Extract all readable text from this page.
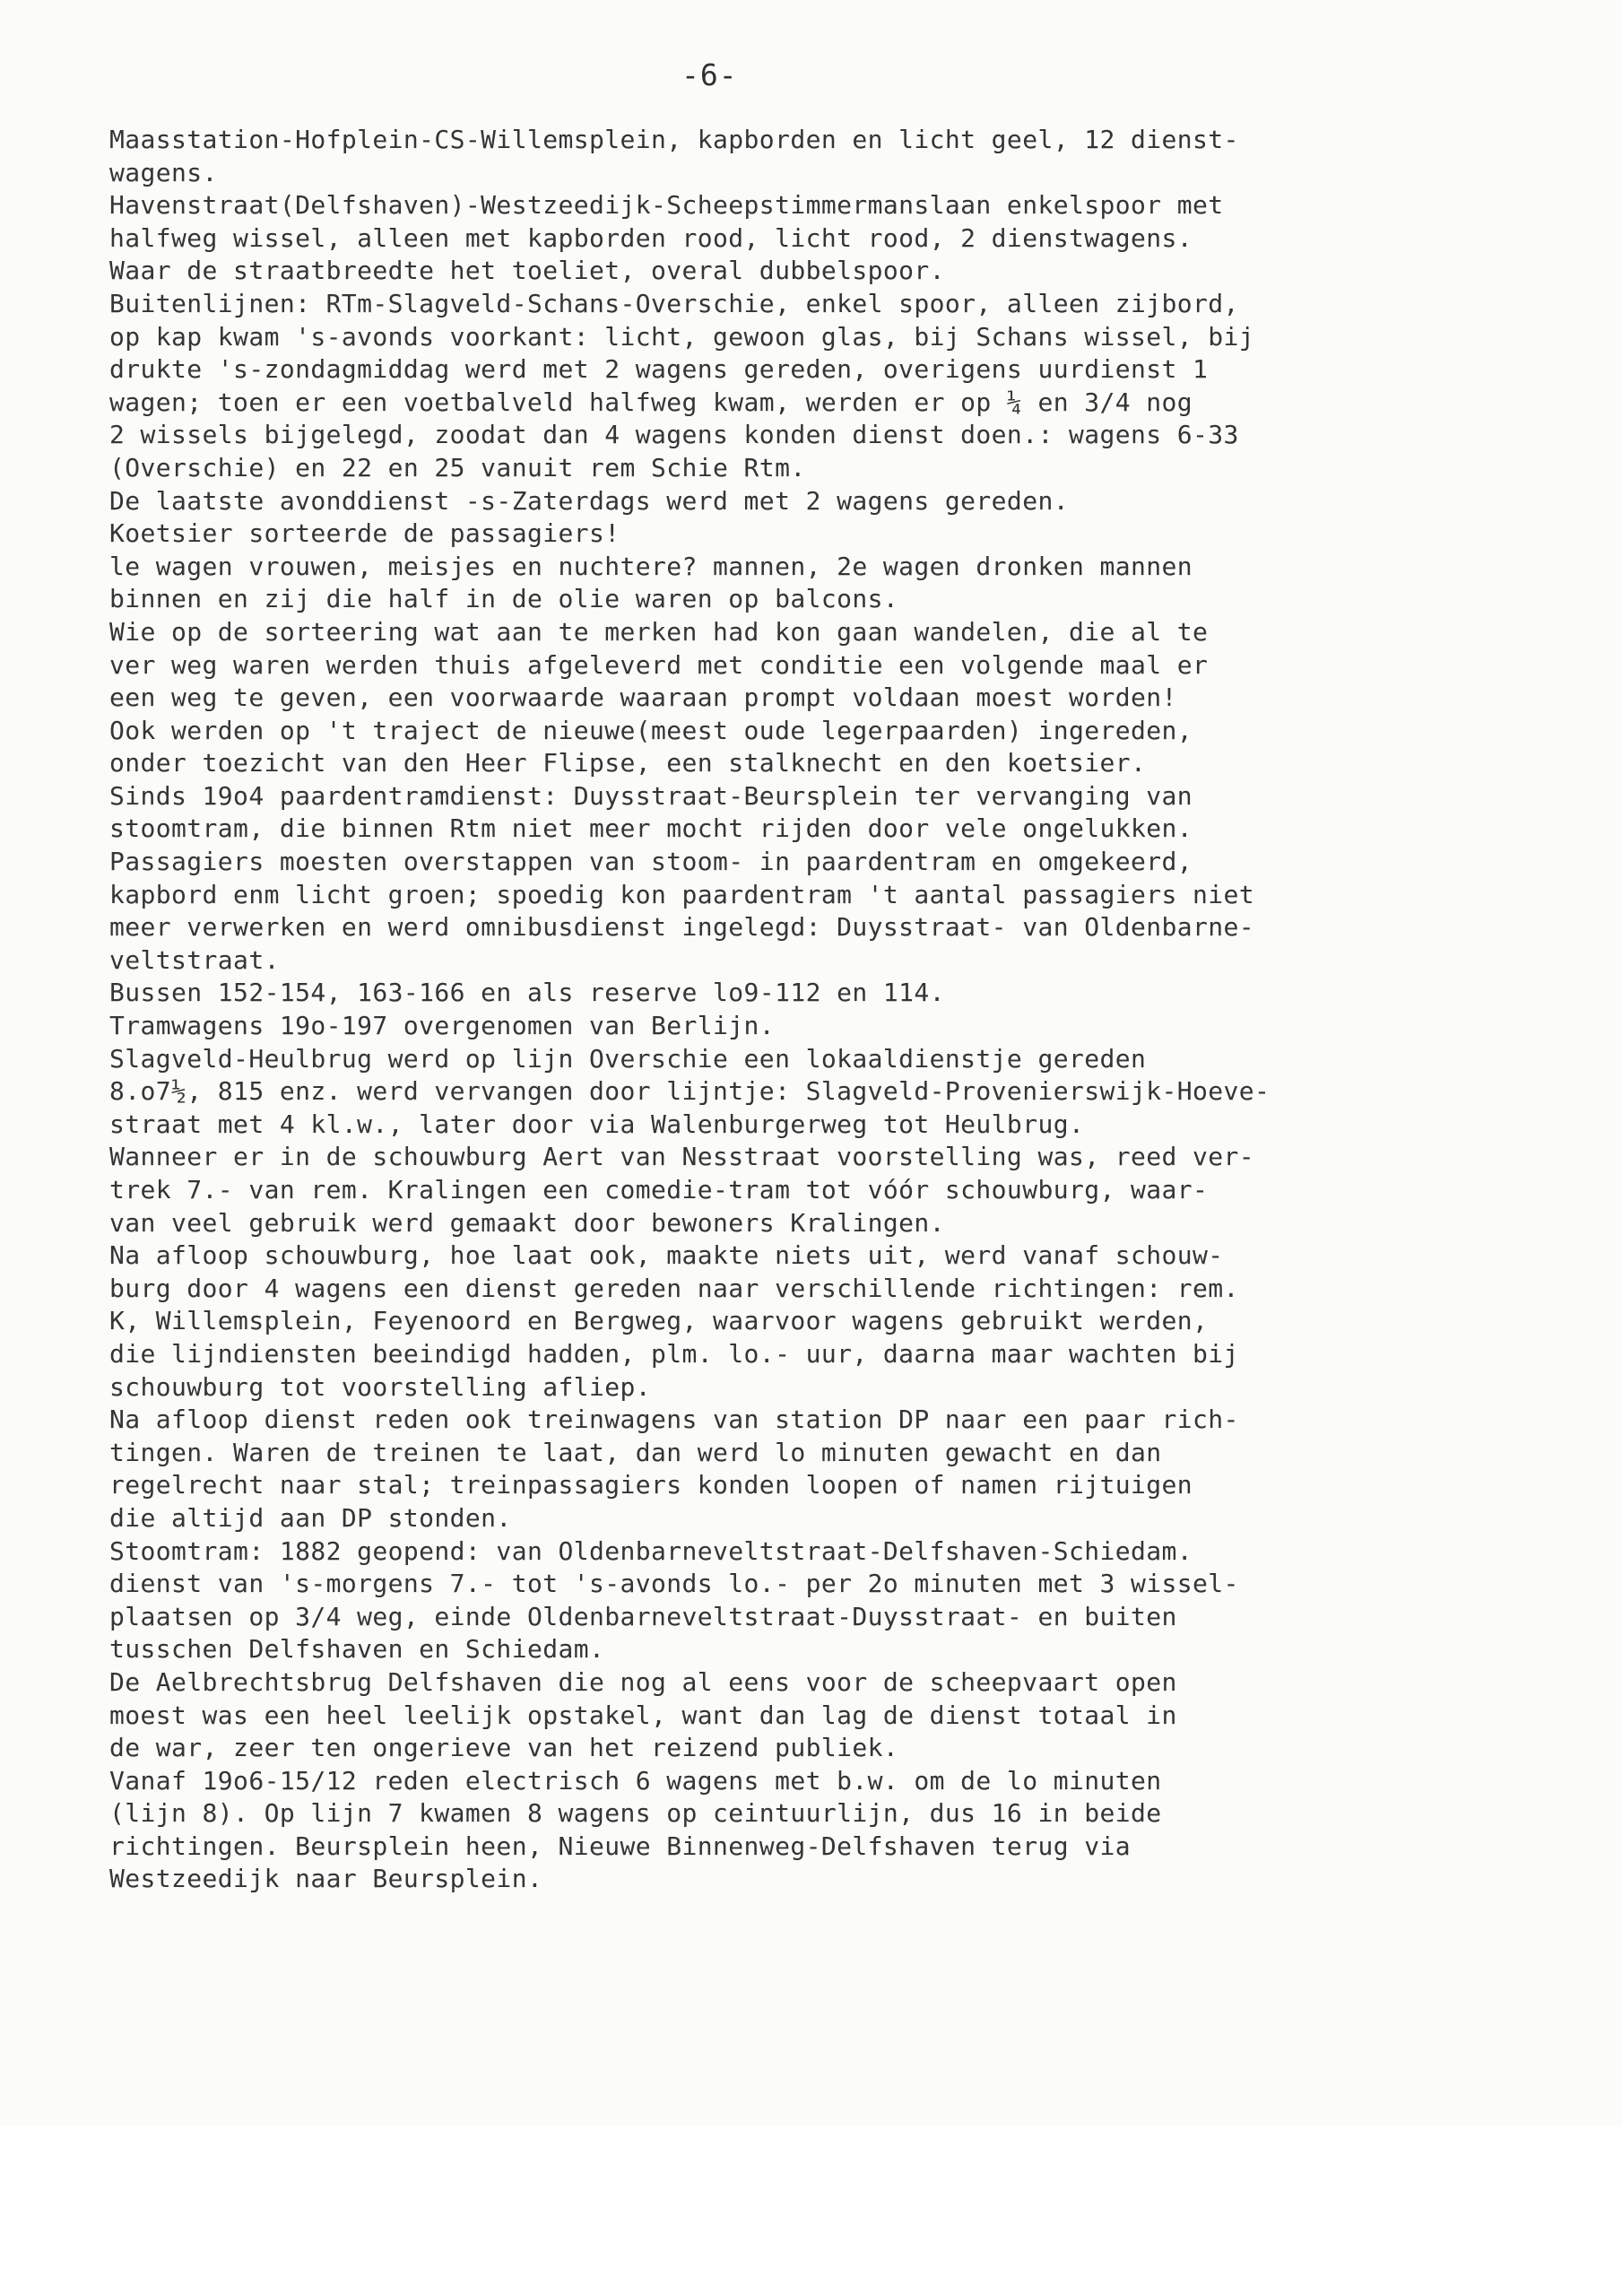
-6-
Maasstation-Hofplein-CS-Willemsplein, kapborden en licht geel, 12 dienst-
wagens.
Havenstraat(Delfshaven)-Westzeedijk-Scheepstimmermanslaan enkelspoor met
halfweg wissel, alleen met kapborden rood, licht rood, 2 dienstwagens.
Waar de straatbreedte het toeliet, overal dubbelspoor.
Buitenlijnen: RTm-Slagveld-Schans-Overschie, enkel spoor, alleen zijbord,
op kap kwam 's-avonds voorkant: licht, gewoon glas, bij Schans wissel, bij
drukte 's-zondagmiddag werd met 2 wagens gereden, overigens uurdienst 1
wagen; toen er een voetbalveld halfweg kwam, werden er op ¼ en 3/4 nog
2 wissels bijgelegd, zoodat dan 4 wagens konden dienst doen.: wagens 6-33
(Overschie) en 22 en 25 vanuit rem Schie Rtm.
De laatste avonddienst -s-Zaterdags werd met 2 wagens gereden.
Koetsier sorteerde de passagiers!
le wagen vrouwen, meisjes en nuchtere? mannen, 2e wagen dronken mannen
binnen en zij die half in de olie waren op balcons.
Wie op de sorteering wat aan te merken had kon gaan wandelen, die al te
ver weg waren werden thuis afgeleverd met conditie een volgende maal er
een weg te geven, een voorwaarde waaraan prompt voldaan moest worden!
Ook werden op 't traject de nieuwe(meest oude legerpaarden) ingereden,
onder toezicht van den Heer Flipse, een stalknecht en den koetsier.
Sinds 19o4 paardentramdienst: Duysstraat-Beursplein ter vervanging van
stoomtram, die binnen Rtm niet meer mocht rijden door vele ongelukken.
Passagiers moesten overstappen van stoom- in paardentram en omgekeerd,
kapbord enm licht groen; spoedig kon paardentram 't aantal passagiers niet
meer verwerken en werd omnibusdienst ingelegd: Duysstraat- van Oldenbarne-
veltstraat.
Bussen 152-154, 163-166 en als reserve lo9-112 en 114.
Tramwagens 19o-197 overgenomen van Berlijn.
Slagveld-Heulbrug werd op lijn Overschie een lokaaldienstje gereden
8.o7½, 815 enz. werd vervangen door lijntje: Slagveld-Provenierswijk-Hoeve-
straat met 4 kl.w., later door via Walenburgerweg tot Heulbrug.
Wanneer er in de schouwburg Aert van Nesstraat voorstelling was, reed ver-
trek 7.- van rem. Kralingen een comedie-tram tot vóór schouwburg, waar-
van veel gebruik werd gemaakt door bewoners Kralingen.
Na afloop schouwburg, hoe laat ook, maakte niets uit, werd vanaf schouw-
burg door 4 wagens een dienst gereden naar verschillende richtingen: rem.
K, Willemsplein, Feyenoord en Bergweg, waarvoor wagens gebruikt werden,
die lijndiensten beeindigd hadden, plm. lo.- uur, daarna maar wachten bij
schouwburg tot voorstelling afliep.
Na afloop dienst reden ook treinwagens van station DP naar een paar rich-
tingen. Waren de treinen te laat, dan werd lo minuten gewacht en dan
regelrecht naar stal; treinpassagiers konden loopen of namen rijtuigen
die altijd aan DP stonden.
Stoomtram: 1882 geopend: van Oldenbarneveltstraat-Delfshaven-Schiedam.
dienst van 's-morgens 7.- tot 's-avonds lo.- per 2o minuten met 3 wissel-
plaatsen op 3/4 weg, einde Oldenbarneveltstraat-Duysstraat- en buiten
tusschen Delfshaven en Schiedam.
De Aelbrechtsbrug Delfshaven die nog al eens voor de scheepvaart open
moest was een heel leelijk opstakel, want dan lag de dienst totaal in
de war, zeer ten ongerieve van het reizend publiek.
Vanaf 19o6-15/12 reden electrisch 6 wagens met b.w. om de lo minuten
(lijn 8). Op lijn 7 kwamen 8 wagens op ceintuurlijn, dus 16 in beide
richtingen. Beursplein heen, Nieuwe Binnenweg-Delfshaven terug via
Westzeedijk naar Beursplein.
